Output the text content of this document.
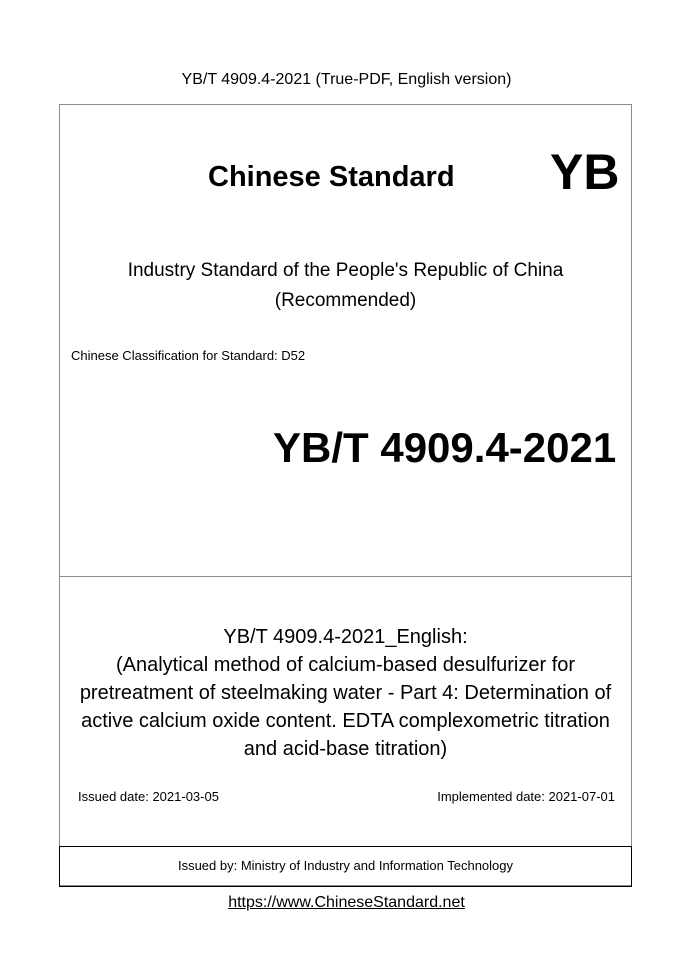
YB/T 4909.4-2021 (True-PDF, English version)
Chinese Standard YB
Industry Standard of the People's Republic of China
(Recommended)
Chinese Classification for Standard: D52
YB/T 4909.4-2021
YB/T 4909.4-2021_English:
(Analytical method of calcium-based desulfurizer for
pretreatment of steelmaking water - Part 4: Determination of
active calcium oxide content. EDTA complexometric titration
and acid-base titration)
Issued date: 2021-03-05	Implemented date: 2021-07-01
Issued by: Ministry of Industry and Information Technology
https://www.ChineseStandard.net
